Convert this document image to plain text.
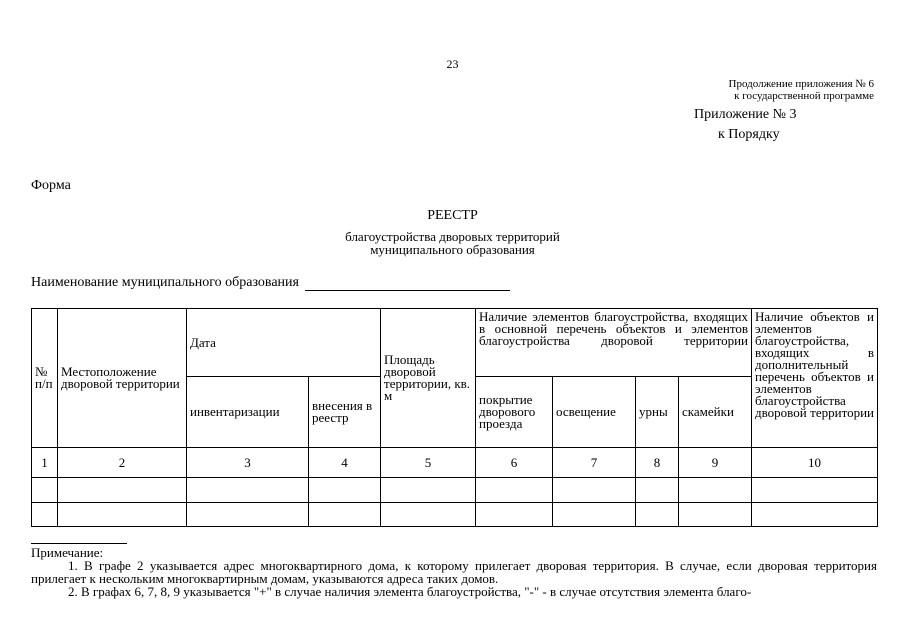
23
Продолжение приложения № 6
к государственной программе
Приложение № 3
к Порядку
Форма
РЕЕСТР
благоустройства дворовых территорий
муниципального образования
Наименование муниципального образования
№ п/п	Местоположение дворовой территории	Дата		Площадь дворовой территории, кв. м	Наличие элементов благоустройства, входящих в основной перечень объектов и элементов благоустройства дворовой территории				Наличие объектов и элементов благоустройства, входящих в дополнительный перечень объектов и элементов благоустройства дворовой территории
		инвентаризации	внесения в реестр		покрытие дворового проезда	освещение	урны	скамейки	
1	2	3	4	5	6	7	8	9	10

Примечание:

1. В графе 2 указывается адрес многоквартирного дома, к которому прилегает дворовая территория. В случае, если дворовая территория прилегает к нескольким многоквартирным домам, указываются адреса таких домов.

2. В графах 6, 7, 8, 9 указывается "+" в случае наличия элемента благоустройства, "-" - в случае отсутствия элемента благо-
